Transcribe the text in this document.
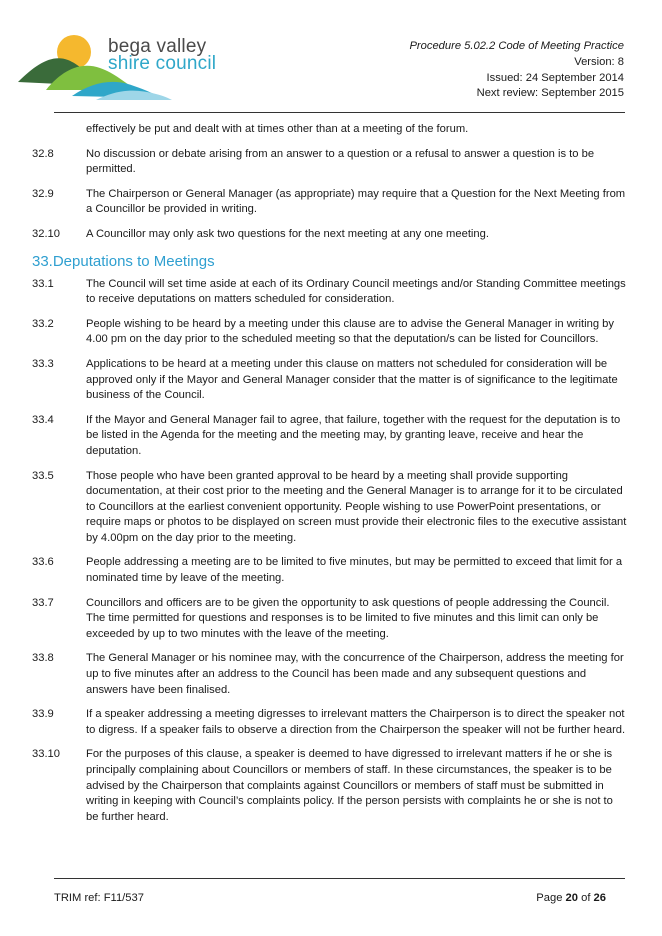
bega valley
shire council
Procedure 5.02.2 Code of Meeting Practice
Version: 8
Issued: 24 September 2014
Next review: September 2015

effectively be put and dealt with at times other than at a meeting of the forum.

32.8	No discussion or debate arising from an answer to a question or a refusal to answer a question is to be permitted.
32.9	The Chairperson or General Manager (as appropriate) may require that a Question for the Next Meeting from a Councillor be provided in writing.
32.10	A Councillor may only ask two questions for the next meeting at any one meeting.
33.Deputations to Meetings
33.1	The Council will set time aside at each of its Ordinary Council meetings and/or Standing Committee meetings to receive deputations on matters scheduled for consideration.
33.2	People wishing to be heard by a meeting under this clause are to advise the General Manager in writing by 4.00 pm on the day prior to the scheduled meeting so that the deputation/s can be listed for Councillors.
33.3	Applications to be heard at a meeting under this clause on matters not scheduled for consideration will be approved only if the Mayor and General Manager consider that the matter is of significance to the legitimate business of the Council.
33.4	If the Mayor and General Manager fail to agree, that failure, together with the request for the deputation is to be listed in the Agenda for the meeting and the meeting may, by granting leave, receive and hear the deputation.
33.5	Those people who have been granted approval to be heard by a meeting shall provide supporting documentation, at their cost prior to the meeting and the General Manager is to arrange for it to be circulated to Councillors at the earliest convenient opportunity. People wishing to use PowerPoint presentations, or require maps or photos to be displayed on screen must provide their electronic files to the executive assistant by 4.00pm on the day prior to the meeting.
33.6	People addressing a meeting are to be limited to five minutes, but may be permitted to exceed that limit for a nominated time by leave of the meeting.
33.7	Councillors and officers are to be given the opportunity to ask questions of people addressing the Council. The time permitted for questions and responses is to be limited to five minutes and this limit can only be exceeded by up to two minutes with the leave of the meeting.
33.8	The General Manager or his nominee may, with the concurrence of the Chairperson, address the meeting for up to five minutes after an address to the Council has been made and any subsequent questions and answers have been finalised.
33.9	If a speaker addressing a meeting digresses to irrelevant matters the Chairperson is to direct the speaker not to digress. If a speaker fails to observe a direction from the Chairperson the speaker will not be further heard.
33.10	For the purposes of this clause, a speaker is deemed to have digressed to irrelevant matters if he or she is principally complaining about Councillors or members of staff. In these circumstances, the speaker is to be advised by the Chairperson that complaints against Councillors or members of staff must be submitted in writing in keeping with Council’s complaints policy. If the person persists with complaints he or she is not to be further heard.
TRIM ref: F11/537	Page 20 of 26
